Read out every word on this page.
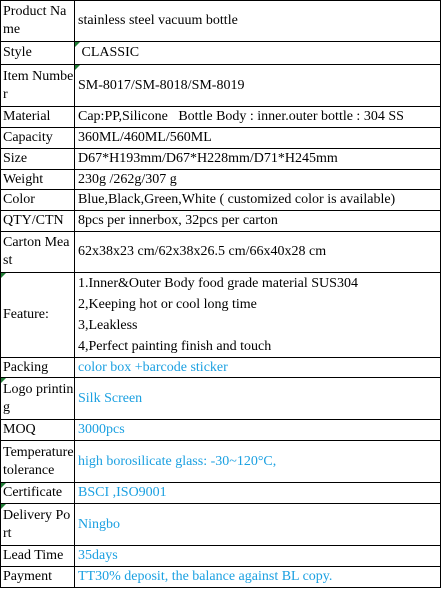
Product Name	stainless steel vacuum bottle
Style	CLASSIC
Item Number	SM-8017/SM-8018/SM-8019
Material	Cap:PP,Silicone   Bottle Body : inner.outer bottle : 304 SS
Capacity	360ML/460ML/560ML
Size	D67*H193mm/D67*H228mm/D71*H245mm
Weight	230g /262g/307 g
Color	Blue,Black,Green,White ( customized color is available)
QTY/CTN	8pcs per innerbox, 32pcs per carton
Carton Meast	62x38x23 cm/62x38x26.5 cm/66x40x28 cm

Feature:	1.Inner&Outer Body food grade material SUS304
2,Keeping hot or cool long time
3,Leakless
4,Perfect painting finish and touch

Packing	color box +barcode sticker

Logo printing	Silk Screen
MOQ	3000pcs
Temperature tolerance	high borosilicate glass: -30~120°C,

Certificate	BSCI ,ISO9001

Delivery Port	Ningbo
Lead Time	35days
Payment	TT30% deposit, the balance against BL copy.
